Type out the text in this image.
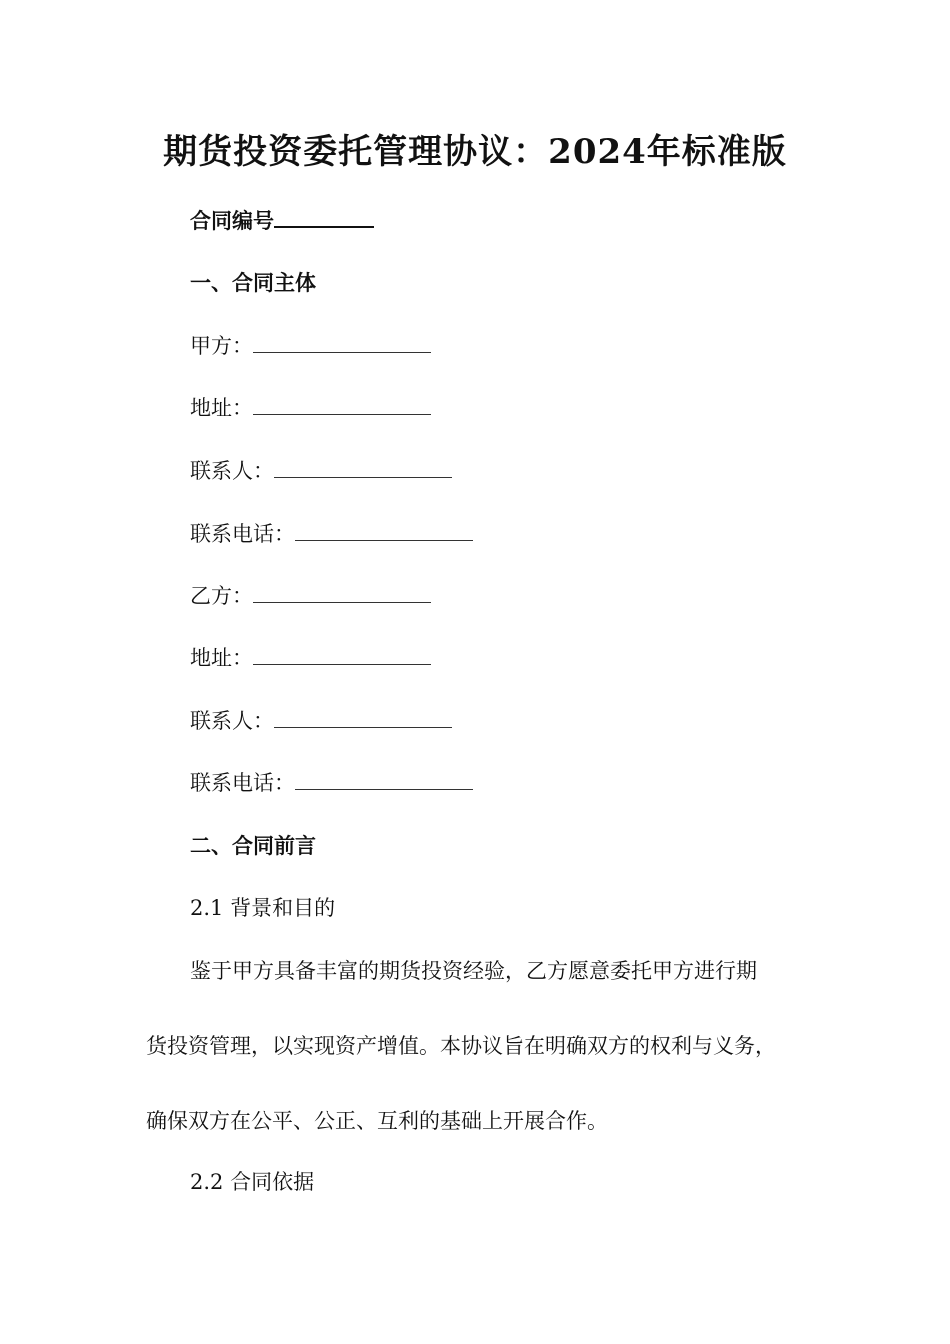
期货投资委托管理协议：2024年标准版
合同编号
一、合同主体
甲方：
地址：
联系人：
联系电话：
乙方：
地址：
联系人：
联系电话：
二、合同前言
2.1 背景和目的
鉴于甲方具备丰富的期货投资经验，乙方愿意委托甲方进行期
货投资管理，以实现资产增值。本协议旨在明确双方的权利与义务，
确保双方在公平、公正、互利的基础上开展合作。
2.2 合同依据
